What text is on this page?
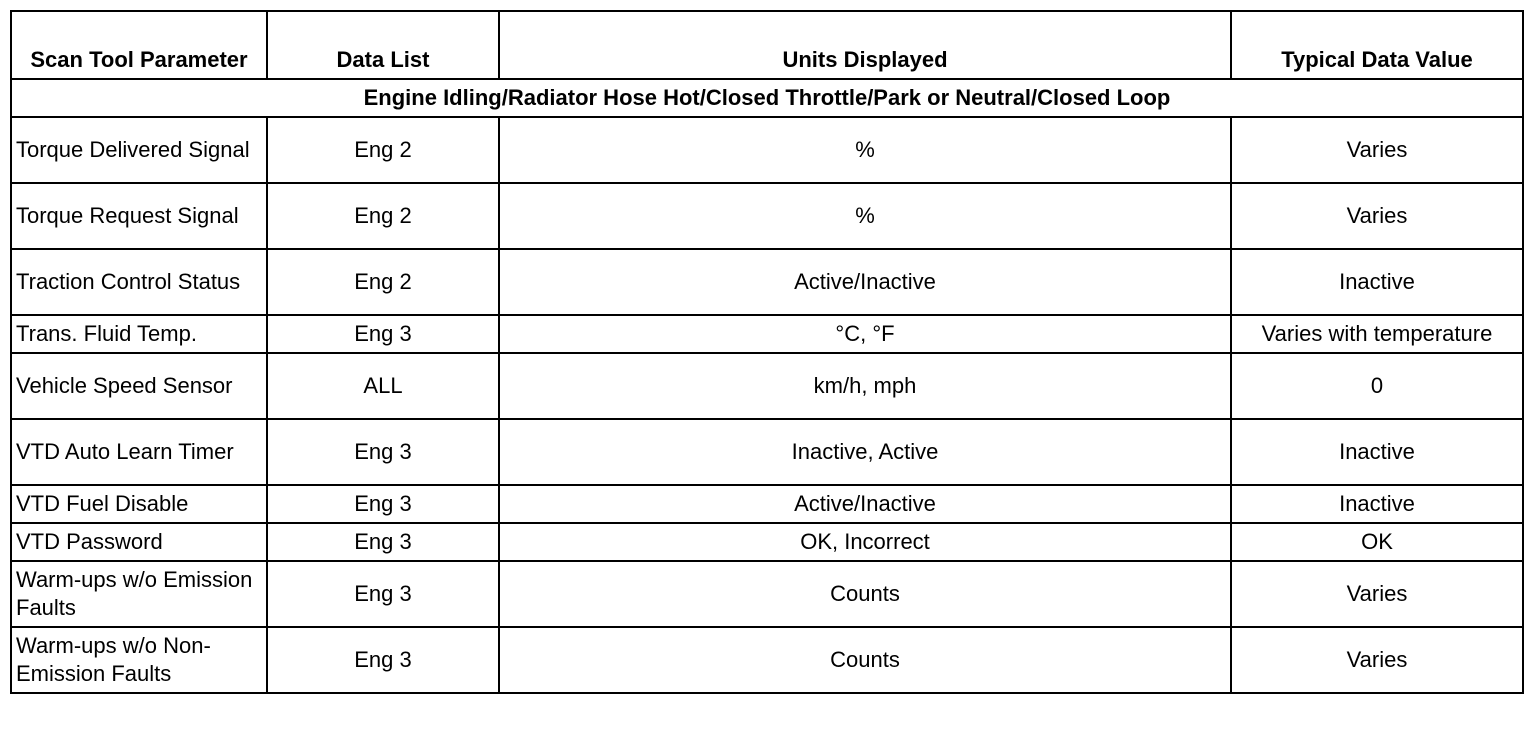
Scan Tool Parameter	Data List	Units Displayed	Typical Data Value
Engine Idling/Radiator Hose Hot/Closed Throttle/Park or Neutral/Closed Loop			
Torque Delivered Signal	Eng 2	%	Varies
Torque Request Signal	Eng 2	%	Varies
Traction Control Status	Eng 2	Active/Inactive	Inactive
Trans. Fluid Temp.	Eng 3	°C, °F	Varies with temperature
Vehicle Speed Sensor	ALL	km/h, mph	0
VTD Auto Learn Timer	Eng 3	Inactive, Active	Inactive
VTD Fuel Disable	Eng 3	Active/Inactive	Inactive
VTD Password	Eng 3	OK, Incorrect	OK
Warm-ups w/o Emission Faults	Eng 3	Counts	Varies
Warm-ups w/o Non-Emission Faults	Eng 3	Counts	Varies
